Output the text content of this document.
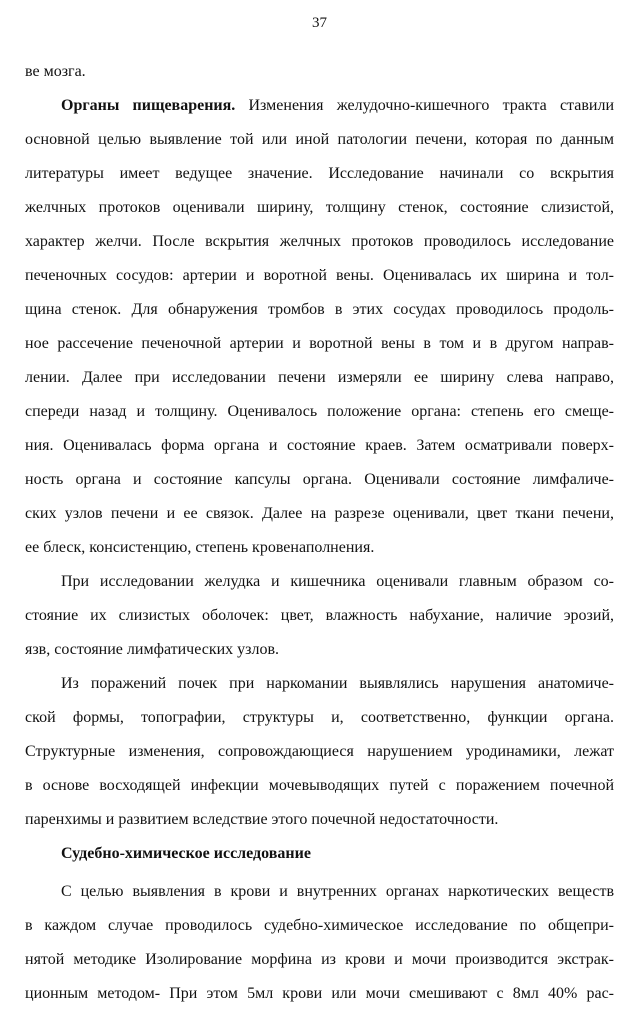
37
ве мозга.
Органы пищеварения. Изменения желудочно-кишечного тракта ставили
основной целью выявление той или иной патологии печени, которая по данным
литературы имеет ведущее значение. Исследование начинали со вскрытия
желчных протоков оценивали ширину, толщину стенок, состояние слизистой,
характер желчи. После вскрытия желчных протоков проводилось исследование
печеночных сосудов: артерии и воротной вены. Оценивалась их ширина и тол-
щина стенок. Для обнаружения тромбов в этих сосудах проводилось продоль-
ное рассечение печеночной артерии и воротной вены в том и в другом направ-
лении. Далее при исследовании печени измеряли ее ширину слева направо,
спереди назад и толщину. Оценивалось положение органа: степень его смеще-
ния. Оценивалась форма органа и состояние краев. Затем осматривали поверх-
ность органа и состояние капсулы органа. Оценивали состояние лимфаличе-
ских узлов печени и ее связок. Далее на разрезе оценивали, цвет ткани печени,
ее блеск, консистенцию, степень кровенаполнения.
При исследовании желудка и кишечника оценивали главным образом со-
стояние их слизистых оболочек: цвет, влажность набухание, наличие эрозий,
язв, состояние лимфатических узлов.
Из поражений почек при наркомании выявлялись нарушения анатомиче-
ской формы, топографии, структуры и, соответственно, функции органа.
Структурные изменения, сопровождающиеся нарушением уродинамики, лежат
в основе восходящей инфекции мочевыводящих путей с поражением почечной
паренхимы и развитием вследствие этого почечной недостаточности.
Судебно-химическое исследование
С целью выявления в крови и внутренних органах наркотических веществ
в каждом случае проводилось судебно-химическое исследование по общепри-
нятой методике Изолирование морфина из крови и мочи производится экстрак-
ционным методом- При этом 5мл крови или мочи смешивают с 8мл 40% рас-
